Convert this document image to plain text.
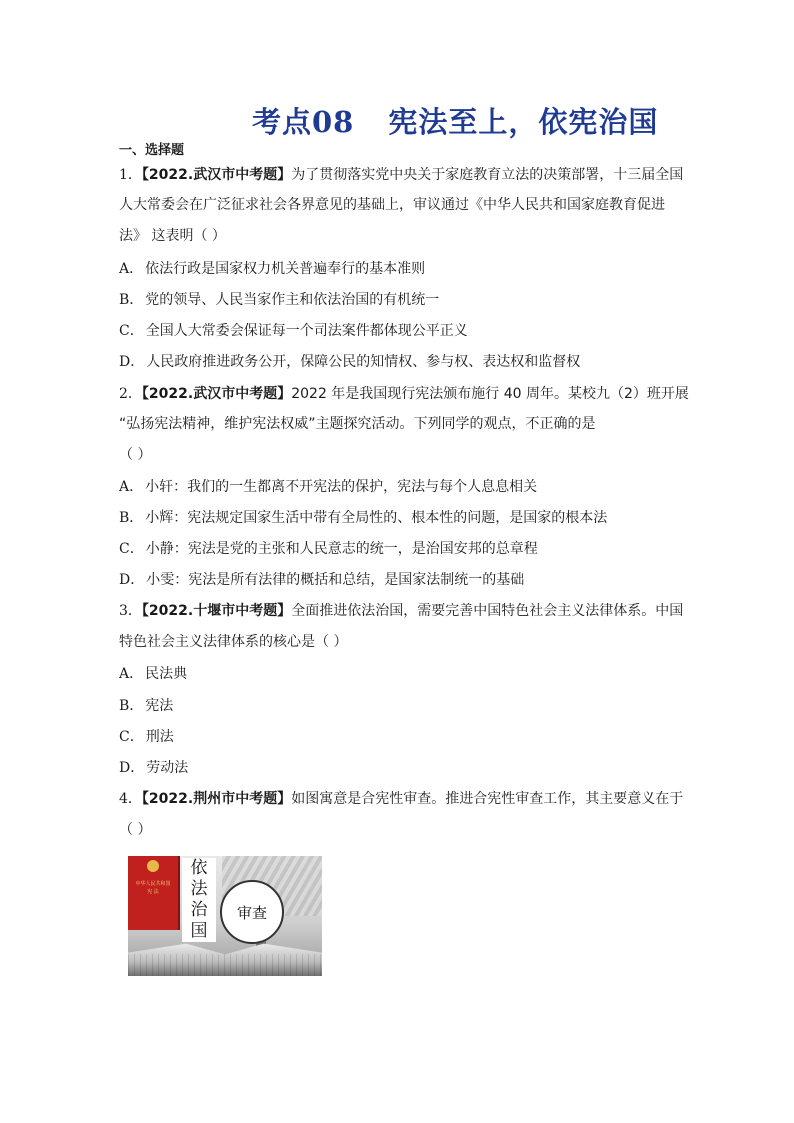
考点08 宪法至上，依宪治国
一、选择题
1．【2022.武汉市中考题】为了贯彻落实党中央关于家庭教育立法的决策部署，十三届全国
人大常委会在广泛征求社会各界意见的基础上，审议通过《中华人民共和国家庭教育促进
法》 这表明（ ）
A． 依法行政是国家权力机关普遍奉行的基本准则
B． 党的领导、人民当家作主和依法治国的有机统一
C． 全国人大常委会保证每一个司法案件都体现公平正义
D． 人民政府推进政务公开，保障公民的知情权、参与权、表达权和监督权
2．【2022.武汉市中考题】2022 年是我国现行宪法颁布施行 40 周年。某校九（2）班开展
“弘扬宪法精神，维护宪法权威”主题探究活动。下列同学的观点，不正确的是
（ ）
A． 小轩：我们的一生都离不开宪法的保护，宪法与每个人息息相关
B． 小辉：宪法规定国家生活中带有全局性的、根本性的问题，是国家的根本法
C． 小静：宪法是党的主张和人民意志的统一，是治国安邦的总章程
D． 小雯：宪法是所有法律的概括和总结，是国家法制统一的基础
3．【2022.十堰市中考题】全面推进依法治国，需要完善中国特色社会主义法律体系。中国
特色社会主义法律体系的核心是（ ）
A． 民法典
B． 宪法
C． 刑法
D． 劳动法
4．【2022.荆州市中考题】如图寓意是合宪性审查。推进合宪性审查工作，其主要意义在于
（ ）
中华人民共和国
宪 法
依
法
治
国
审查
